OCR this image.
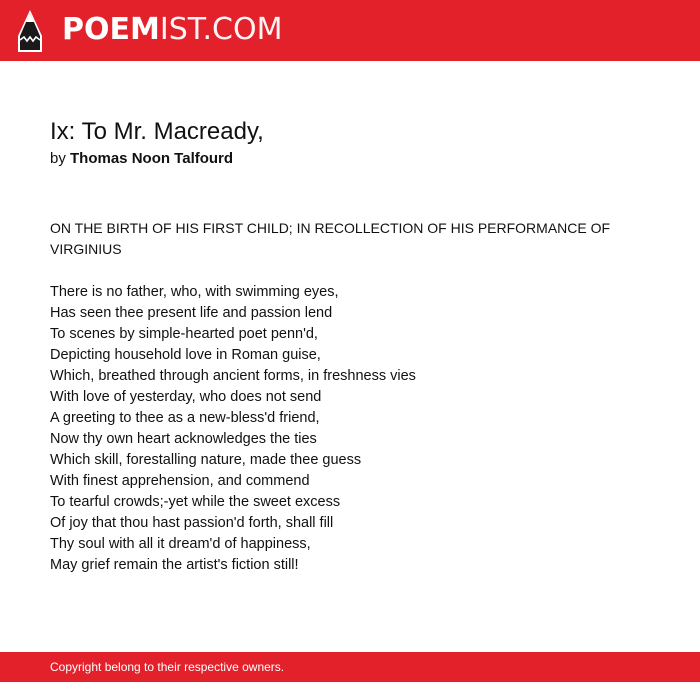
POEMIST.COM
Ix: To Mr. Macready,
by Thomas Noon Talfourd
ON THE BIRTH OF HIS FIRST CHILD; IN RECOLLECTION OF HIS PERFORMANCE OF VIRGINIUS
There is no father, who, with swimming eyes,
Has seen thee present life and passion lend
To scenes by simple-hearted poet penn'd,
Depicting household love in Roman guise,
Which, breathed through ancient forms, in freshness vies
With love of yesterday, who does not send
A greeting to thee as a new-bless'd friend,
Now thy own heart acknowledges the ties
Which skill, forestalling nature, made thee guess
With finest apprehension, and commend
To tearful crowds;-yet while the sweet excess
Of joy that thou hast passion'd forth, shall fill
Thy soul with all it dream'd of happiness,
May grief remain the artist's fiction still!
Copyright belong to their respective owners.
